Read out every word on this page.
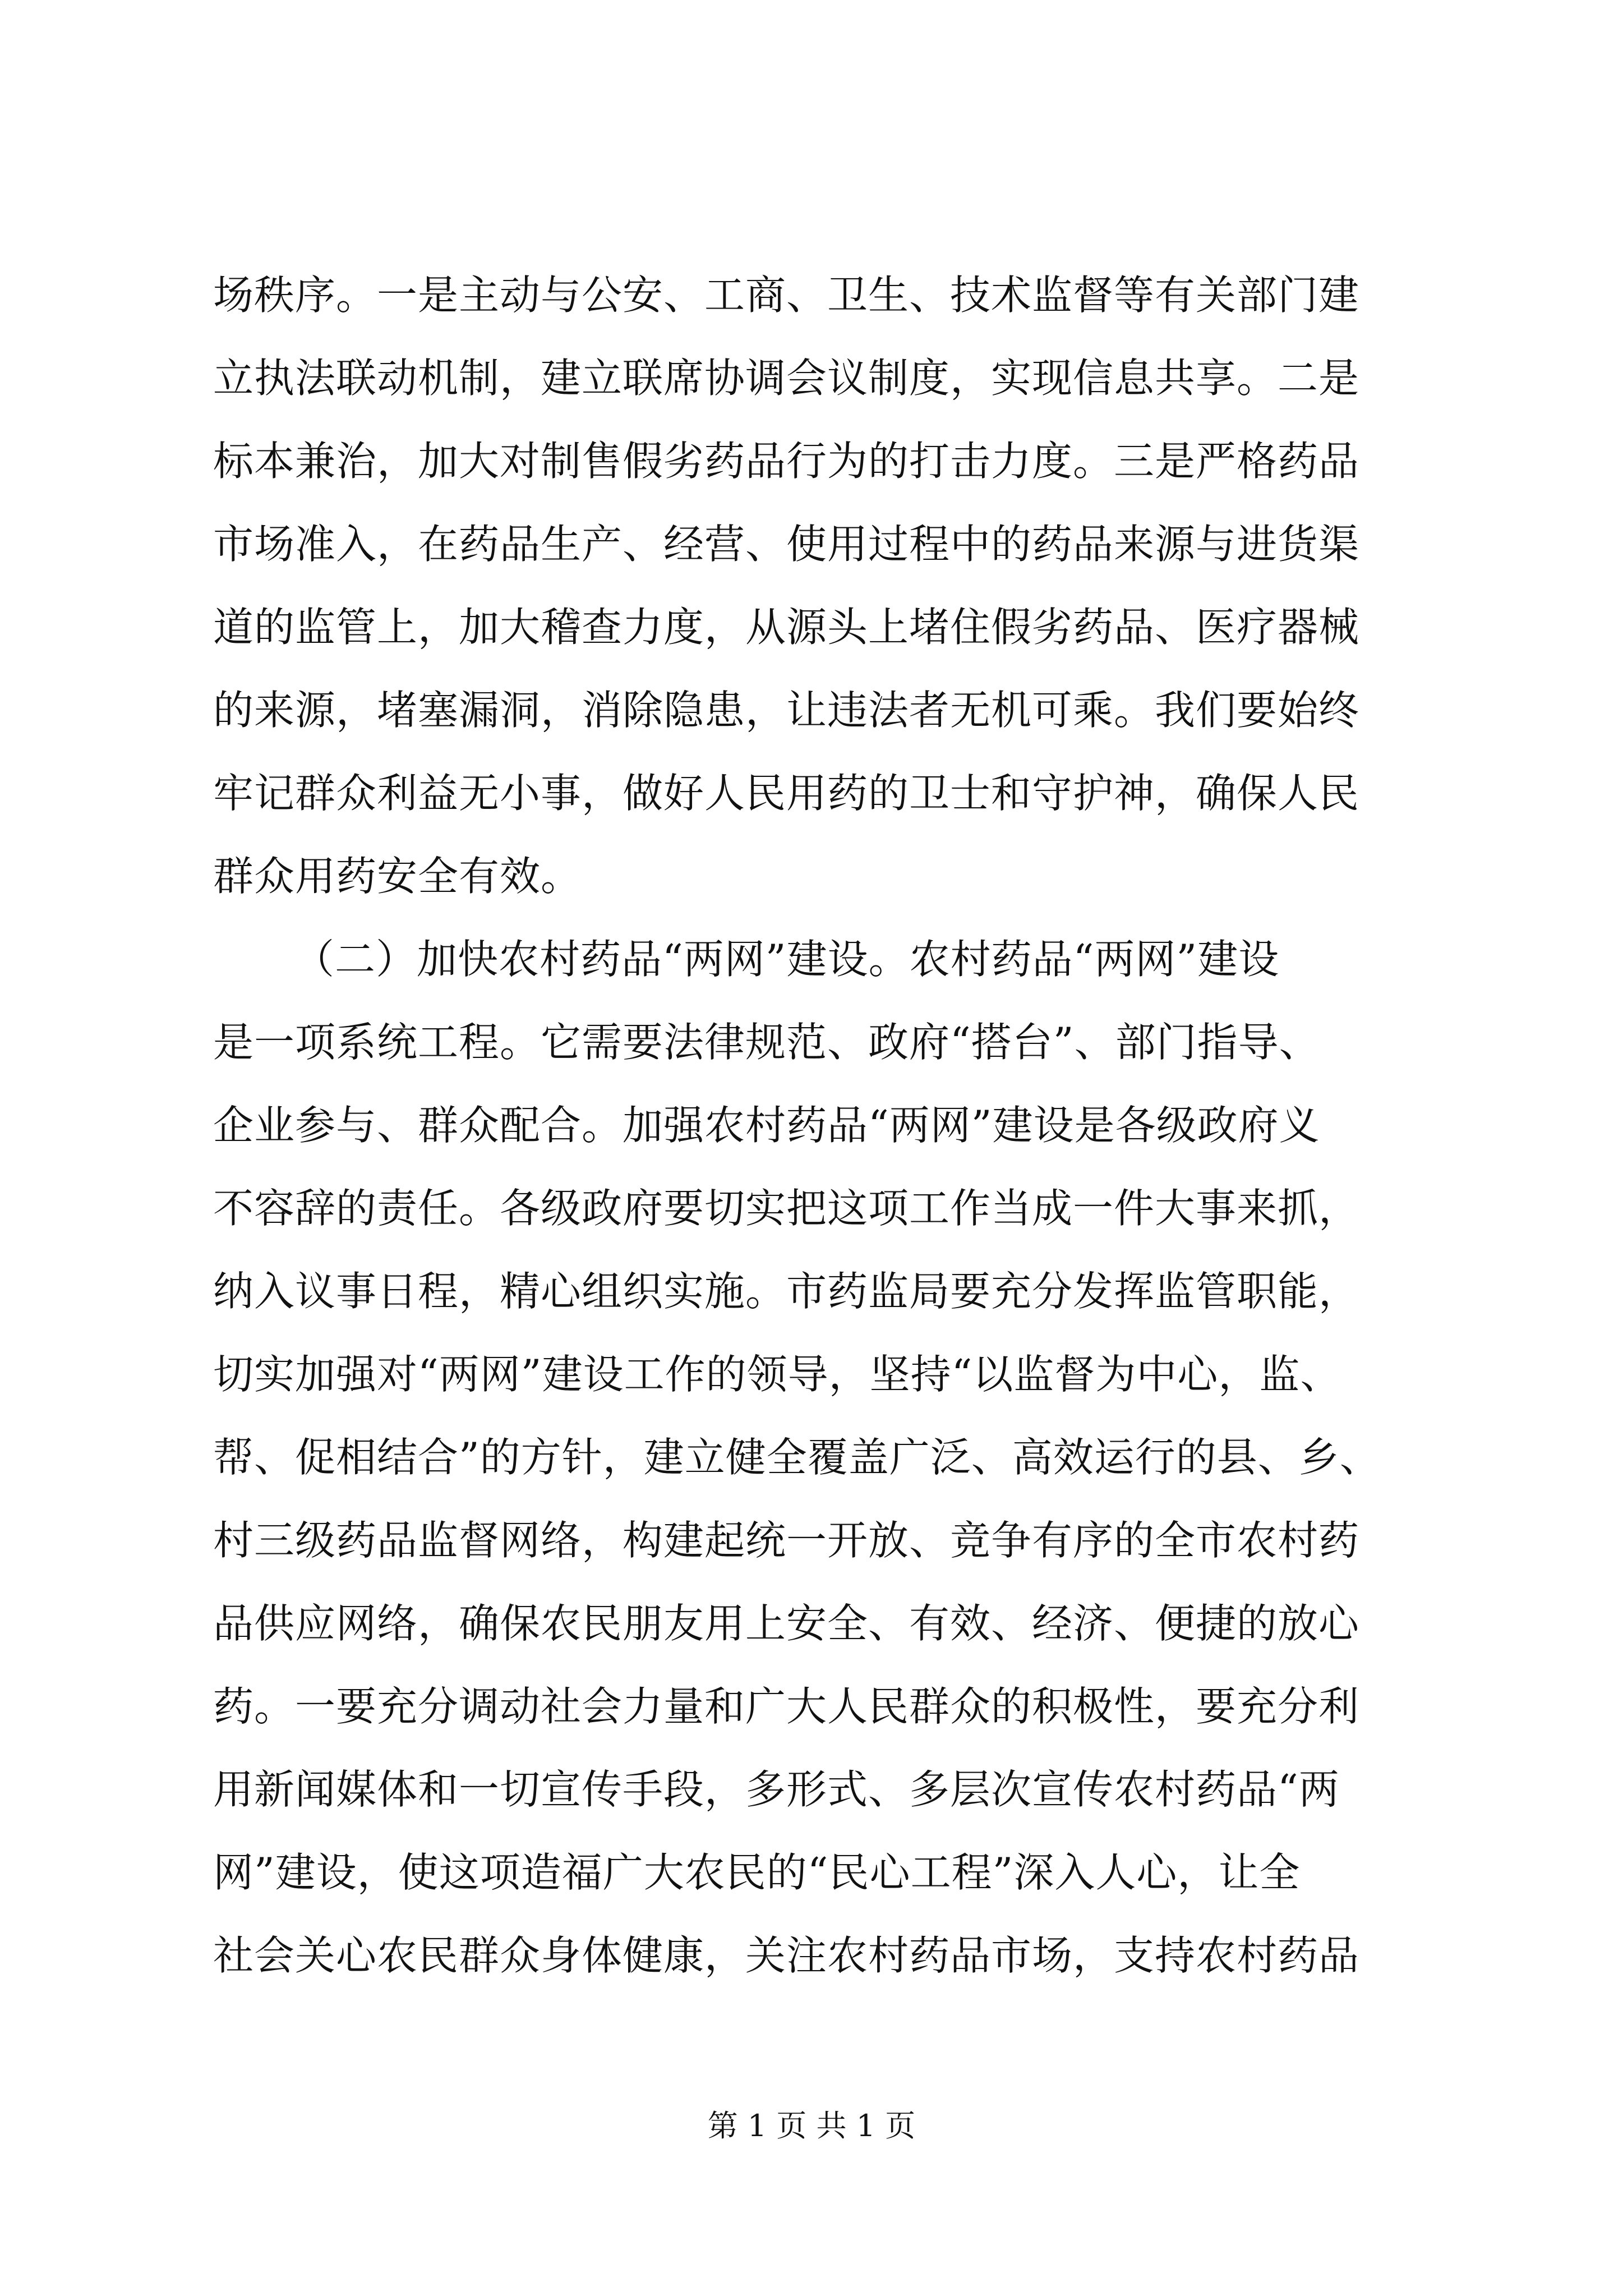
场秩序。一是主动与公安、工商、卫生、技术监督等有关部门建
立执法联动机制，建立联席协调会议制度，实现信息共享。二是
标本兼治，加大对制售假劣药品行为的打击力度。三是严格药品
市场准入，在药品生产、经营、使用过程中的药品来源与进货渠
道的监管上，加大稽查力度，从源头上堵住假劣药品、医疗器械
的来源，堵塞漏洞，消除隐患，让违法者无机可乘。我们要始终
牢记群众利益无小事，做好人民用药的卫士和守护神，确保人民
群众用药安全有效。
（二）加快农村药品“两网”建设。农村药品“两网”建设
是一项系统工程。它需要法律规范、政府“搭台”、部门指导、
企业参与、群众配合。加强农村药品“两网”建设是各级政府义
不容辞的责任。各级政府要切实把这项工作当成一件大事来抓，
纳入议事日程，精心组织实施。市药监局要充分发挥监管职能，
切实加强对“两网”建设工作的领导，坚持“以监督为中心，监、
帮、促相结合”的方针，建立健全覆盖广泛、高效运行的县、乡、
村三级药品监督网络，构建起统一开放、竞争有序的全市农村药
品供应网络，确保农民朋友用上安全、有效、经济、便捷的放心
药。一要充分调动社会力量和广大人民群众的积极性，要充分利
用新闻媒体和一切宣传手段，多形式、多层次宣传农村药品“两
网”建设，使这项造福广大农民的“民心工程”深入人心，让全
社会关心农民群众身体健康，关注农村药品市场，支持农村药品
第 1 页 共 1 页
